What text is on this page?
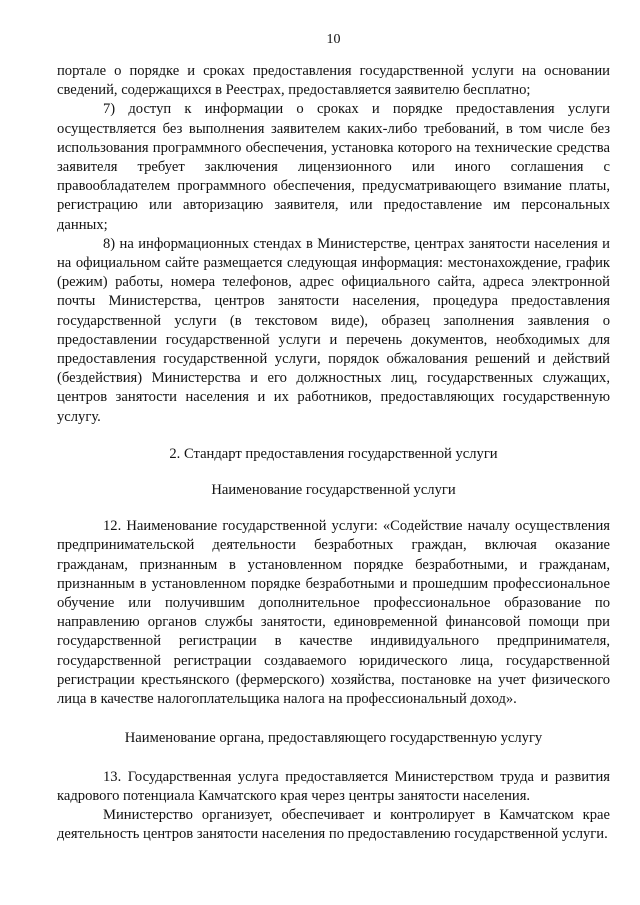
10

портале о порядке и сроках предоставления государственной услуги на основании сведений, содержащихся в Реестрах, предоставляется заявителю бесплатно;

7) доступ к информации о сроках и порядке предоставления услуги осуществляется без выполнения заявителем каких-либо требований, в том числе без использования программного обеспечения, установка которого на технические средства заявителя требует заключения лицензионного или иного соглашения с правообладателем программного обеспечения, предусматривающего взимание платы, регистрацию или авторизацию заявителя, или предоставление им персональных данных;

8) на информационных стендах в Министерстве, центрах занятости населения и на официальном сайте размещается следующая информация: местонахождение, график (режим) работы, номера телефонов, адрес официального сайта, адреса электронной почты Министерства, центров занятости населения, процедура предоставления государственной услуги (в текстовом виде), образец заполнения заявления о предоставлении государственной услуги и перечень документов, необходимых для предоставления государственной услуги, порядок обжалования решений и действий (бездействия) Министерства и его должностных лиц, государственных служащих, центров занятости населения и их работников, предоставляющих государственную услугу.

2. Стандарт предоставления государственной услуги

Наименование государственной услуги

12. Наименование государственной услуги: «Содействие началу осуществления предпринимательской деятельности безработных граждан, включая оказание гражданам, признанным в установленном порядке безработными, и гражданам, признанным в установленном порядке безработными и прошедшим профессиональное обучение или получившим дополнительное профессиональное образование по направлению органов службы занятости, единовременной финансовой помощи при государственной регистрации в качестве индивидуального предпринимателя, государственной регистрации создаваемого юридического лица, государственной регистрации крестьянского (фермерского) хозяйства, постановке на учет физического лица в качестве налогоплательщика налога на профессиональный доход».

Наименование органа, предоставляющего государственную услугу

13. Государственная услуга предоставляется Министерством труда и развития кадрового потенциала Камчатского края через центры занятости населения.

Министерство организует, обеспечивает и контролирует в Камчатском крае деятельность центров занятости населения по предоставлению государственной услуги.
